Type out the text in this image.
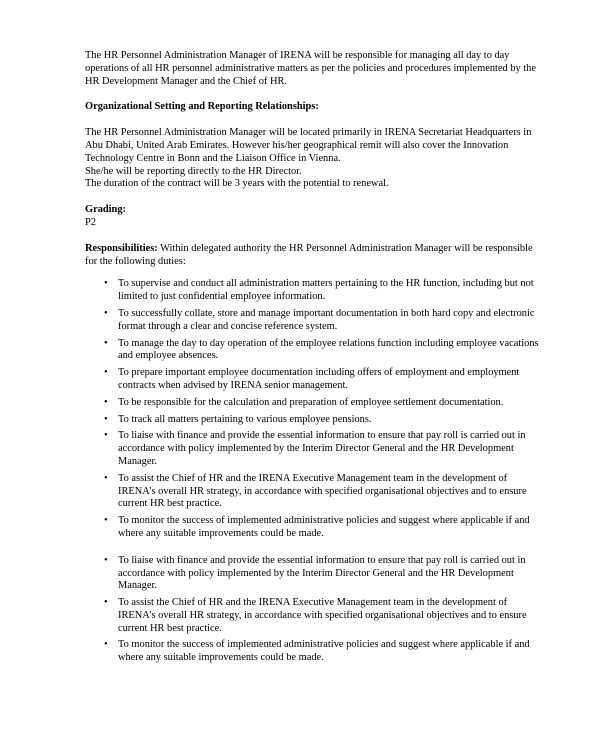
The HR Personnel Administration Manager of IRENA will be responsible for managing all day to day operations of all HR personnel administrative matters as per the policies and procedures implemented by the HR Development Manager and the Chief of HR.

Organizational Setting and Reporting Relationships:

The HR Personnel Administration Manager will be located primarily in IRENA Secretariat Headquarters in Abu Dhabi, United Arab Emirates. However his/her geographical remit will also cover the Innovation Technology Centre in Bonn and the Liaison Office in Vienna.

She/he will be reporting directly to the HR Director.

The duration of the contract will be 3 years with the potential to renewal.

Grading:

P2

Responsibilities: Within delegated authority the HR Personnel Administration Manager will be responsible for the following duties:

• To supervise and conduct all administration matters pertaining to the HR function, including but not limited to just confidential employee information.
• To successfully collate, store and manage important documentation in both hard copy and electronic format through a clear and concise reference system.
• To manage the day to day operation of the employee relations function including employee vacations and employee absences.
• To prepare important employee documentation including offers of employment and employment contracts when advised by IRENA senior management.
• To be responsible for the calculation and preparation of employee settlement documentation.
• To track all matters pertaining to various employee pensions.
• To liaise with finance and provide the essential information to ensure that pay roll is carried out in accordance with policy implemented by the Interim Director General and the HR Development Manager.
• To assist the Chief of HR and the IRENA Executive Management team in the development of IRENA’s overall HR strategy, in accordance with specified organisational objectives and to ensure current HR best practice.
• To monitor the success of implemented administrative policies and suggest where applicable if and where any suitable improvements could be made.
• To liaise with finance and provide the essential information to ensure that pay roll is carried out in accordance with policy implemented by the Interim Director General and the HR Development Manager.
• To assist the Chief of HR and the IRENA Executive Management team in the development of IRENA’s overall HR strategy, in accordance with specified organisational objectives and to ensure current HR best practice.
• To monitor the success of implemented administrative policies and suggest where applicable if and where any suitable improvements could be made.
